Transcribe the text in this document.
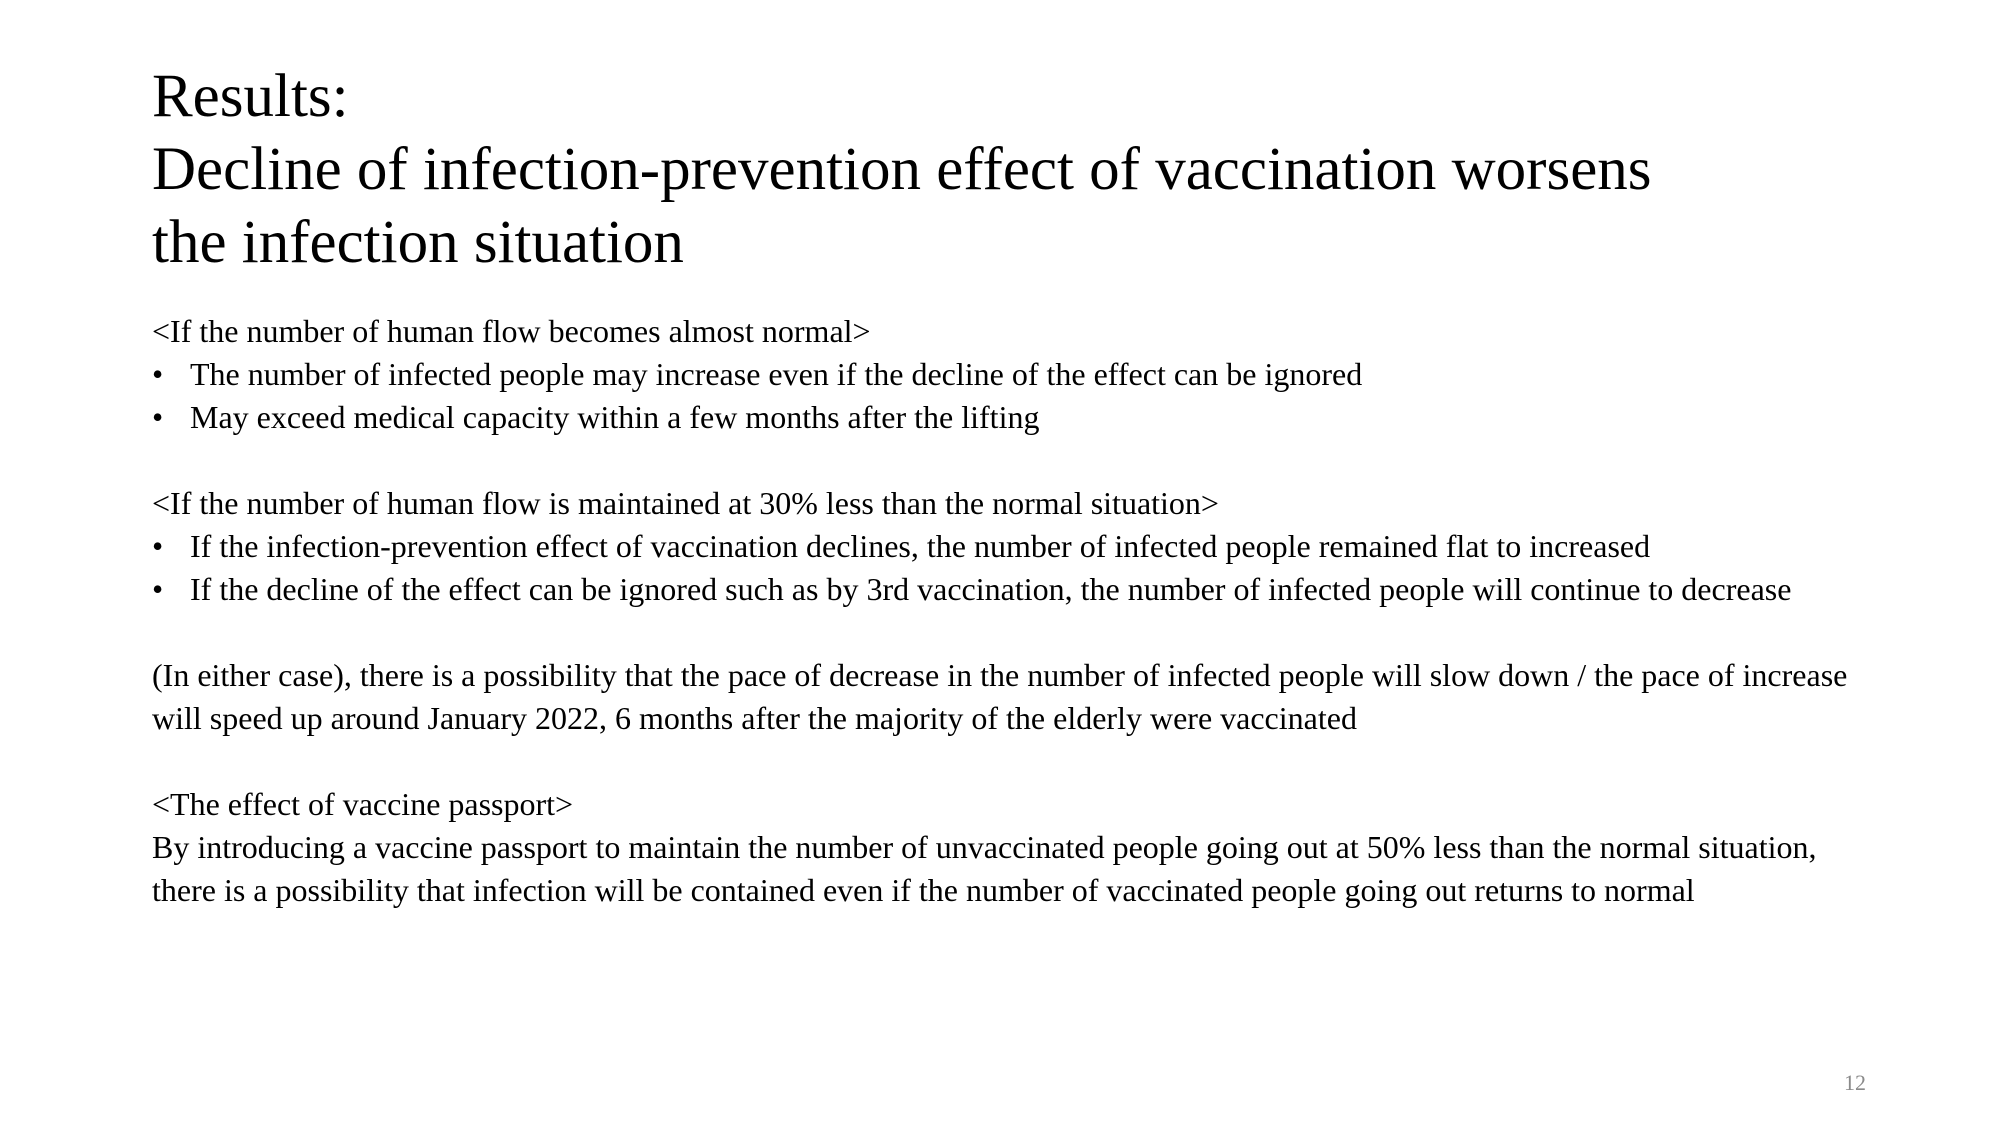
Results:
Decline of infection-prevention effect of vaccination worsens
the infection situation
<If the number of human flow becomes almost normal>
• The number of infected people may increase even if the decline of the effect can be ignored
• May exceed medical capacity within a few months after the lifting
<If the number of human flow is maintained at 30% less than the normal situation>
• If the infection-prevention effect of vaccination declines, the number of infected people remained flat to increased
• If the decline of the effect can be ignored such as by 3rd vaccination, the number of infected people will continue to decrease
(In either case), there is a possibility that the pace of decrease in the number of infected people will slow down / the pace of increase will speed up around January 2022, 6 months after the majority of the elderly were vaccinated
<The effect of vaccine passport>
By introducing a vaccine passport to maintain the number of unvaccinated people going out at 50% less than the normal situation, there is a possibility that infection will be contained even if the number of vaccinated people going out returns to normal
12
